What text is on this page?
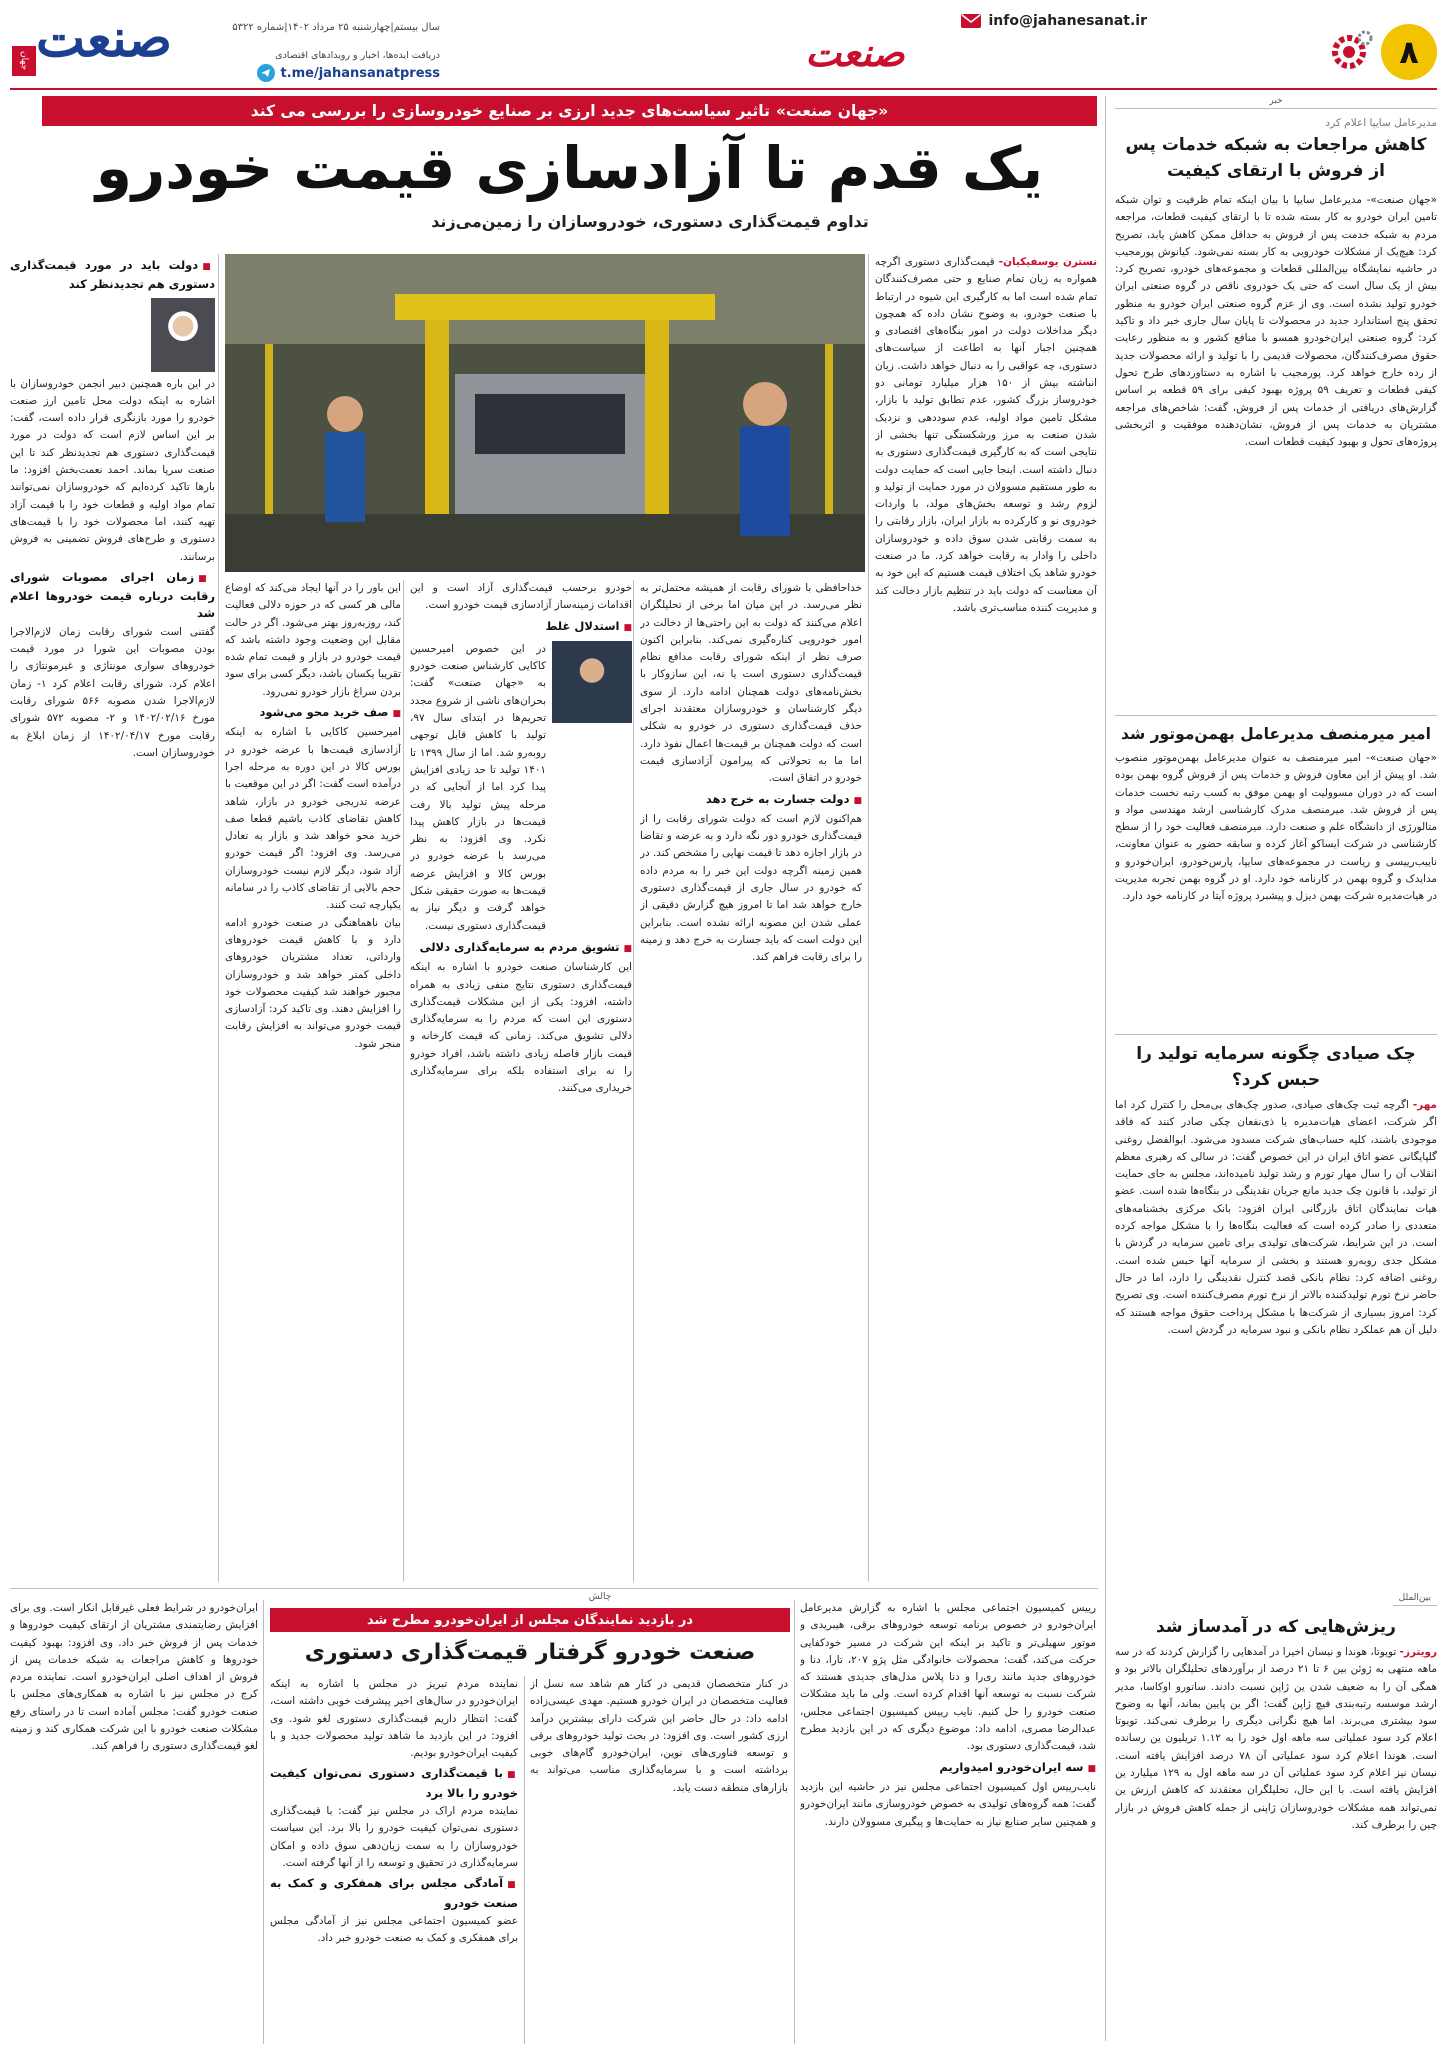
۸
info@jahanesanat.ir
صنعت
سال بیستم|چهارشنبه ۲۵ مرداد ۱۴۰۲|شماره ۵۳۲۲
دریافت ایده‌ها، اخبار و رویدادهای اقتصادی
t.me/jahansanatpress
صنعت
جهان
خبر
مدیرعامل سایپا اعلام کرد
کاهش مراجعات به شبکه خدمات پس از فروش با ارتقای کیفیت
«جهان صنعت»- مدیرعامل سایپا با بیان اینکه تمام ظرفیت و توان شبکه تامین ایران خودرو به کار بسته شده تا با ارتقای کیفیت قطعات، مراجعه مردم به شبکه خدمت پس از فروش به حداقل ممکن کاهش یابد، تصریح کرد: هیچ‌یک از مشکلات خودرویی به کار بسته نمی‌شود. کیانوش پورمجیب در حاشیه نمایشگاه بین‌المللی قطعات و مجموعه‌های خودرو، تصریح کرد: بیش از یک سال است که حتی یک خودروی ناقص در گروه صنعتی ایران خودرو تولید نشده است. وی از عزم گروه صنعتی ایران خودرو به منظور تحقق پنج استاندارد جدید در محصولات تا پایان سال جاری خبر داد و تاکید کرد: گروه صنعتی ایران‌خودرو همسو با منافع کشور و به منظور رعایت حقوق مصرف‌کنندگان، محصولات قدیمی را با تولید و ارائه محصولات جدید از رده خارج خواهد کرد. پورمجیب با اشاره به دستاوردهای طرح تحول کیفی قطعات و تعریف ۵۹ پروژه بهبود کیفی برای ۵۹ قطعه بر اساس گزارش‌های دریافتی از خدمات پس از فروش، گفت: شاخص‌های مراجعه مشتریان به خدمات پس از فروش، نشان‌دهنده موفقیت و اثربخشی پروژه‌های تحول و بهبود کیفیت قطعات است.
امیر میرمنصف مدیرعامل بهمن‌موتور شد
«جهان صنعت»- امیر میرمنصف به عنوان مدیرعامل بهمن‌موتور منصوب شد. او پیش از این معاون فروش و خدمات پس از فروش گروه بهمن بوده است که در دوران مسوولیت او بهمن موفق به کسب رتبه نخست خدمات پس از فروش شد. میرمنصف مدرک کارشناسی ارشد مهندسی مواد و متالورژی از دانشگاه علم و صنعت دارد. میرمنصف فعالیت خود را از سطح کارشناسی در شرکت ایساکو آغاز کرده و سابقه حضور به عنوان معاونت، ناییب‌رییسی و ریاست در مجموعه‌های سایپا، پارس‌خودرو، ایران‌خودرو و مدایدک و گروه بهمن در کارنامه خود دارد. او در گروه بهمن تجربه مدیریت در هیات‌مدیره شرکت بهمن دیزل و پیشبرد پروژه آیتا در کارنامه خود دارد.
چک صیادی چگونه سرمایه تولید را حبس کرد؟
مهر- اگرچه ثبت چک‌های صیادی، صدور چک‌های بی‌محل را کنترل کرد اما اگر شرکت، اعضای هیات‌مدیره یا ذی‌نفعان چکی صادر کنند که فاقد موجودی باشند، کلیه حساب‌های شرکت مسدود می‌شود. ابوالفضل روغنی گلپایگانی عضو اتاق ایران در این خصوص گفت: در سالی که رهبری معظم انقلاب آن را سال مهار تورم و رشد تولید نامیده‌اند، مجلس به جای حمایت از تولید، با قانون چک جدید مانع جریان نقدینگی در بنگاه‌ها شده است. عضو هیات نمایندگان اتاق بازرگانی ایران افزود: بانک مرکزی بخشنامه‌های متعددی را صادر کرده است که فعالیت بنگاه‌ها را با مشکل مواجه کرده است. در این شرایط، شرکت‌های تولیدی برای تامین سرمایه در گردش با مشکل جدی روبه‌رو هستند و بخشی از سرمایه آنها حبس شده است. روغنی اضافه کرد: نظام بانکی قصد کنترل نقدینگی را دارد، اما در حال حاضر نرخ تورم تولیدکننده بالاتر از نرخ تورم مصرف‌کننده است. وی تصریح کرد: امروز بسیاری از شرکت‌ها با مشکل پرداخت حقوق مواجه هستند که دلیل آن هم عملکرد نظام بانکی و نبود سرمایه در گردش است.
بین‌الملل
ریزش‌هایی که در آمدساز شد
رویترز- تویوتا، هوندا و نیسان اخیرا در آمدهایی را گزارش کردند که در سه ماهه منتهی به ژوئن بین ۶ تا ۲۱ درصد از برآوردهای تحلیلگران بالاتر بود و همگی آن را به ضعیف شدن ین ژاپن نسبت دادند. ساتورو اوکاسا، مدیر ارشد موسسه رتبه‌بندی فیچ ژاپن گفت: اگر ین پایین بماند، آنها به وضوح سود بیشتری می‌برند. اما هیچ نگرانی دیگری را برطرف نمی‌کند. تویوتا اعلام کرد سود عملیاتی سه ماهه اول خود را به ۱.۱۲ تریلیون ین رسانده است. هوندا اعلام کرد سود عملیاتی آن ۷۸ درصد افزایش یافته است. نیسان نیز اعلام کرد سود عملیاتی آن در سه ماهه اول به ۱۲۹ میلیارد ین افزایش یافته است. با این حال، تحلیلگران معتقدند که کاهش ارزش ین نمی‌تواند همه مشکلات خودروسازان ژاپنی از جمله کاهش فروش در بازار چین را برطرف کند.
«جهان صنعت»
تاثیر سیاست‌های جدید ارزی بر صنایع خودروسازی را بررسی می کند
یک قدم تا آزادسازی قیمت خودرو
تداوم قیمت‌گذاری دستوری، خودروسازان را زمین‌می‌زند
نسترن یوسفیکیان- قیمت‌گذاری دستوری اگرچه همواره به زیان تمام صنایع و حتی مصرف‌کنندگان تمام شده است اما به کارگیری این شیوه در ارتباط با صنعت خودرو، به وضوح نشان داده که همچون دیگر مداخلات دولت در امور بنگاه‌های اقتصادی و همچنین اجبار آنها به اطاعت از سیاست‌های دستوری، چه عواقبی را به دنبال خواهد داشت. زیان انباشته بیش از ۱۵۰ هزار میلیارد تومانی دو خودروساز بزرگ کشور، عدم تطابق تولید با بازار، مشکل تامین مواد اولیه، عدم سوددهی و نزدیک شدن صنعت به مرز ورشکستگی تنها بخشی از نتایجی است که به کارگیری قیمت‌گذاری دستوری به دنبال داشته است. اینجا جایی است که حمایت دولت به طور مستقیم مسوولان در مورد حمایت از تولید و لزوم رشد و توسعه بخش‌های مولد، با واردات خودروی نو و کارکرده به بازار ایران، بازار رقابتی را به سمت رقابتی شدن سوق داده و خودروسازان داخلی را وادار به رقابت خواهد کرد. ما در صنعت خودرو شاهد یک اختلاف قیمت هستیم که این خود به آن معناست که دولت باید در تنظیم بازار دخالت کند و مدیریت کننده مناسب‌تری باشد.

خداحافظی با شورای رقابت از همیشه محتمل‌تر به نظر می‌رسد. در این میان اما برخی از تحلیلگران اعلام می‌کنند که دولت به این راحتی‌ها از دخالت در امور خودرویی کناره‌گیری نمی‌کند. بنابراین اکنون صرف نظر از اینکه شورای رقابت مدافع نظام قیمت‌گذاری دستوری است یا نه، این سازوکار با بخش‌نامه‌های دولت همچنان ادامه دارد. از سوی دیگر کارشناسان و خودروسازان معتقدند اجرای حذف قیمت‌گذاری دستوری در خودرو به شکلی است که دولت همچنان بر قیمت‌ها اعمال نفوذ دارد. اما ما به تحولاتی که پیرامون آزادسازی قیمت خودرو در اتفاق است.

■ دولت جسارت به خرج دهد

هم‌اکنون لازم است که دولت شورای رقابت را از قیمت‌گذاری خودرو دور نگه دارد و به عرضه و تقاضا در بازار اجازه دهد تا قیمت نهایی را مشخص کند. در همین زمینه اگرچه دولت این خبر را به مردم داده که خودرو در سال جاری از قیمت‌گذاری دستوری خارج خواهد شد اما تا امروز هیچ گزارش دقیقی از عملی شدن این مصوبه ارائه نشده است. بنابراین این دولت است که باید جسارت به خرج دهد و زمینه را برای رقابت فراهم کند.

خودرو برحسب قیمت‌گذاری آزاد است و این اقدامات زمینه‌ساز آزادسازی قیمت خودرو است.

■ استدلال غلط

در این خصوص امیرحسین کاکایی کارشناس صنعت خودرو به «جهان صنعت» گفت: بحران‌های ناشی از شروع مجدد تحریم‌ها در ابتدای سال ۹۷، تولید با کاهش قابل توجهی روبه‌رو شد. اما از سال ۱۳۹۹ تا ۱۴۰۱ تولید تا حد زیادی افزایش پیدا کرد اما از آنجایی که در مرحله پیش تولید بالا رفت قیمت‌ها در بازار کاهش پیدا نکرد. وی افزود: به نظر می‌رسد با عرضه خودرو در بورس کالا و افزایش عرضه قیمت‌ها به صورت حقیقی شکل خواهد گرفت و دیگر نیاز به قیمت‌گذاری دستوری نیست.

■ تشویق مردم به سرمایه‌گذاری دلالی

این کارشناسان صنعت خودرو با اشاره به اینکه قیمت‌گذاری دستوری نتایج منفی زیادی به همراه داشته، افزود: یکی از این مشکلات قیمت‌گذاری دستوری این است که مردم را به سرمایه‌گذاری دلالی تشویق می‌کند. زمانی که قیمت کارخانه و قیمت بازار فاصله زیادی داشته باشد، افراد خودرو را نه برای استفاده بلکه برای سرمایه‌گذاری خریداری می‌کنند.

این باور را در آنها ایجاد می‌کند که اوضاع مالی هر کسی که در حوزه دلالی فعالیت کند، روزبه‌روز بهتر می‌شود. اگر در حالت مقابل این وضعیت وجود داشته باشد که قیمت خودرو در بازار و قیمت تمام شده تقریبا یکسان باشد، دیگر کسی برای سود بردن سراغ بازار خودرو نمی‌رود.

■ صف خرید محو می‌شود

امیرحسین کاکایی با اشاره به اینکه آزادسازی قیمت‌ها با عرضه خودرو در بورس کالا در این دوره به مرحله اجرا درآمده است گفت: اگر در این موقعیت با عرضه تدریجی خودرو در بازار، شاهد کاهش تقاضای کاذب باشیم قطعا صف خرید محو خواهد شد و بازار به تعادل می‌رسد. وی افزود: اگر قیمت خودرو آزاد شود، دیگر لازم نیست خودروسازان حجم بالایی از تقاضای کاذب را در سامانه یکپارچه ثبت کنند.

بیان ناهماهنگی در صنعت خودرو ادامه دارد و با کاهش قیمت خودروهای وارداتی، تعداد مشتریان خودروهای داخلی کمتر خواهد شد و خودروسازان مجبور خواهند شد کیفیت محصولات خود را افزایش دهند. وی تاکید کرد: آزادسازی قیمت خودرو می‌تواند به افزایش رقابت منجر شود.

■ دولت باید در مورد قیمت‌گذاری دستوری هم تجدیدنظر کند

در این باره همچنین دبیر انجمن خودروسازان با اشاره به اینکه دولت محل تامین ارز صنعت خودرو را مورد بازنگری قرار داده است، گفت: بر این اساس لازم است که دولت در مورد قیمت‌گذاری دستوری هم تجدیدنظر کند تا این صنعت سرپا بماند. احمد نعمت‌بخش افزود: ما بارها تاکید کرده‌ایم که خودروسازان نمی‌توانند تمام مواد اولیه و قطعات خود را با قیمت آزاد تهیه کنند، اما محصولات خود را با قیمت‌های دستوری و طرح‌های فروش تضمینی به فروش برسانند.

■ زمان اجرای مصوبات شورای رقابت درباره قیمت خودروها اعلام شد

گفتنی است شورای رقابت زمان لازم‌الاجرا بودن مصوبات این شورا در مورد قیمت خودروهای سواری مونتاژی و غیرمونتاژی را اعلام کرد. شورای رقابت اعلام کرد ۱- زمان لازم‌الاجرا شدن مصوبه ۵۶۶ شورای رقابت مورخ ۱۴۰۲/۰۲/۱۶ و ۲- مصوبه ۵۷۲ شورای رقابت مورخ ۱۴۰۲/۰۴/۱۷ از زمان ابلاغ به خودروسازان است.

چالش
در بازدید نمایندگان مجلس از ایران‌خودرو مطرح شد
صنعت خودرو گرفتار قیمت‌گذاری دستوری

رییس کمیسیون اجتماعی مجلس با اشاره به گزارش مدیرعامل ایران‌خودرو در خصوص برنامه توسعه خودروهای برقی، هیبریدی و موتور سهیلی‌تر و تاکید بر اینکه این شرکت در مسیر خودکفایی حرکت می‌کند، گفت: محصولات خانوادگی مثل پژو ۲۰۷، تارا، دنا و خودروهای جدید مانند ری‌را و دنا پلاس مدل‌های جدیدی هستند که شرکت نسبت به توسعه آنها اقدام کرده است. ولی ما باید مشکلات صنعت خودرو را حل کنیم. نایب رییس کمیسیون اجتماعی مجلس، عبدالرضا مصری، ادامه داد: موضوع دیگری که در این بازدید مطرح شد، قیمت‌گذاری دستوری بود.

■ سه ایران‌خودرو امیدواریم

نایب‌رییس اول کمیسیون اجتماعی مجلس نیز در حاشیه این بازدید گفت: همه گروه‌های تولیدی به خصوص خودروسازی مانند ایران‌خودرو و همچنین سایر صنایع نیاز به حمایت‌ها و پیگیری مسوولان دارند.

در کنار متخصصان قدیمی در کنار هم شاهد سه نسل از فعالیت متخصصان در ایران خودرو هستیم. مهدی عیسی‌زاده ادامه داد: در حال حاضر این شرکت دارای بیشترین درآمد ارزی کشور است. وی افزود: در بحث تولید خودروهای برقی و توسعه فناوری‌های نوین، ایران‌خودرو گام‌های خوبی برداشته است و با سرمایه‌گذاری مناسب می‌تواند به بازارهای منطقه دست یابد.

نماینده مردم تبریز در مجلس با اشاره به اینکه ایران‌خودرو در سال‌های اخیر پیشرفت خوبی داشته است، گفت: انتظار داریم قیمت‌گذاری دستوری لغو شود. وی افزود: در این بازدید ما شاهد تولید محصولات جدید و با کیفیت ایران‌خودرو بودیم.

■ با قیمت‌گذاری دستوری نمی‌توان کیفیت خودرو را بالا برد

نماینده مردم اراک در مجلس نیز گفت: با قیمت‌گذاری دستوری نمی‌توان کیفیت خودرو را بالا برد. این سیاست خودروسازان را به سمت زیان‌دهی سوق داده و امکان سرمایه‌گذاری در تحقیق و توسعه را از آنها گرفته است.

■ آمادگی مجلس برای همفکری و کمک به صنعت خودرو

عضو کمیسیون اجتماعی مجلس نیز از آمادگی مجلس برای همفکری و کمک به صنعت خودرو خبر داد.

ایران‌خودرو در شرایط فعلی غیرقابل انکار است. وی برای افزایش رضایتمندی مشتریان از ارتقای کیفیت خودروها و خدمات پس از فروش خبر داد. وی افزود: بهبود کیفیت خودروها و کاهش مراجعات به شبکه خدمات پس از فروش از اهداف اصلی ایران‌خودرو است. نماینده مردم کرج در مجلس نیز با اشاره به همکاری‌های مجلس با صنعت خودرو گفت: مجلس آماده است تا در راستای رفع مشکلات صنعت خودرو با این شرکت همکاری کند و زمینه لغو قیمت‌گذاری دستوری را فراهم کند.
